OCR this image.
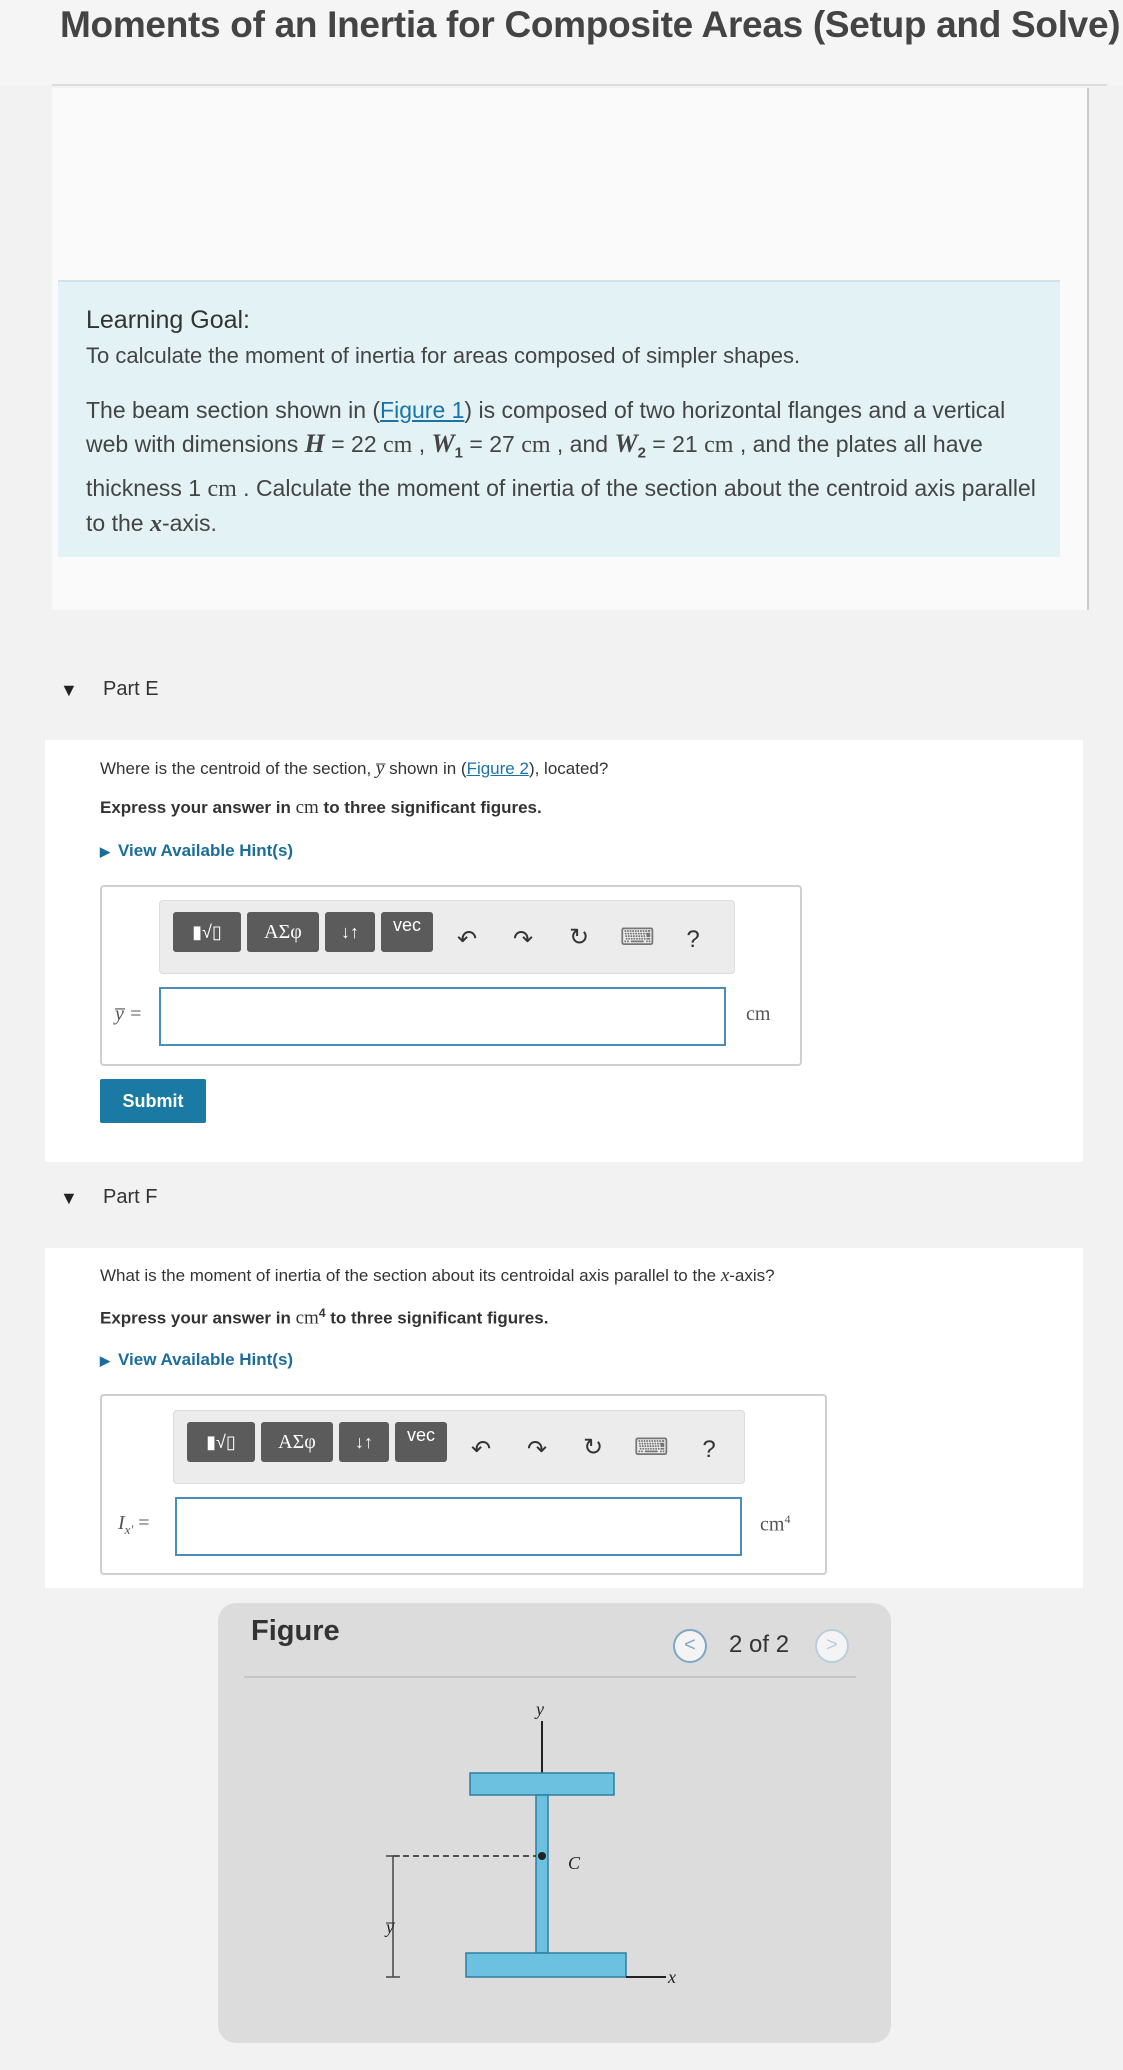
Moments of an Inertia for Composite Areas (Setup and Solve)
Learning Goal:
To calculate the moment of inertia for areas composed of simpler shapes.
The beam section shown in (Figure 1) is composed of two horizontal flanges and a vertical web with dimensions H = 22 cm , $W_1 = 27$ cm , and $W_2 = 21$ cm , and the plates all have thickness 1 cm . Calculate the moment of inertia of the section about the centroid axis parallel to the x-axis.
▼ Part E
Where is the centroid of the section, y̅ shown in (Figure 2), located?
Express your answer in cm to three significant figures.
▶ View Available Hint(s)
▮√▯	ΑΣφ	↓↑	vec
↶ ↷ ↻ ⌨	?
y̅ =	cm
Submit
▼ Part F
What is the moment of inertia of the section about its centroidal axis parallel to the x-axis?
Express your answer in $cm^4$ to three significant figures.
▶ View Available Hint(s)
▮√▯	ΑΣφ	↓↑	vec
↶ ↷ ↻ ⌨	?
$I_{x'}$ =	$cm^4$
Figure	<	2 of 2	>
y
C
x
y̅
